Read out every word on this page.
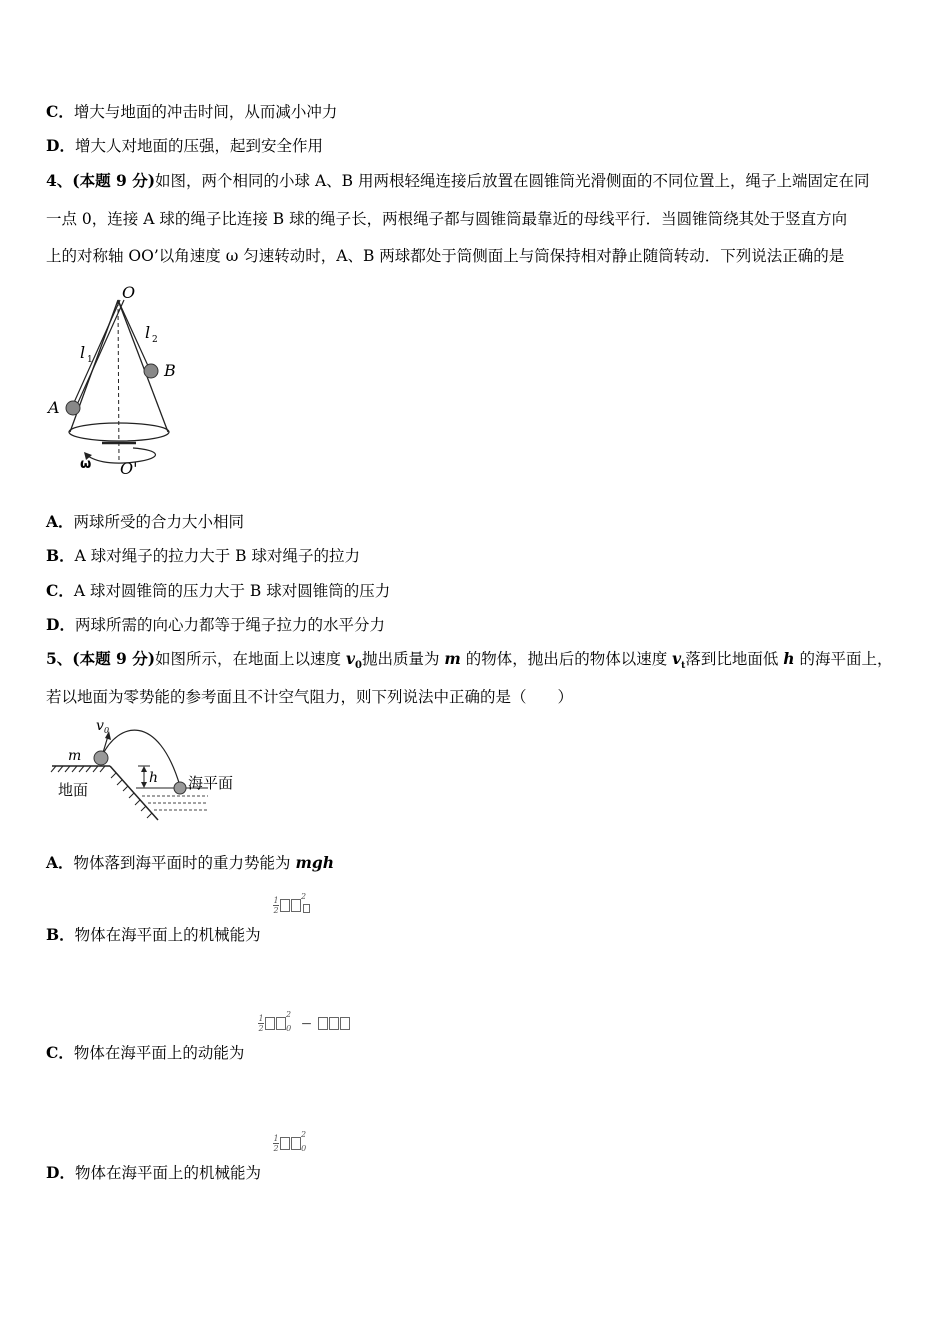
C．增大与地面的冲击时间，从而减小冲力
D．增大人对地面的压强，起到安全作用
4、(本题 9 分)如图，两个相同的小球 A、B 用两根轻绳连接后放置在圆锥筒光滑侧面的不同位置上，绳子上端固定在同
一点 0，连接 A 球的绳子比连接 B 球的绳子长，两根绳子都与圆锥筒最靠近的母线平行．当圆锥筒绕其处于竖直方向
上的对称轴 OO’以角速度 ω 匀速转动时，A、B 两球都处于筒侧面上与筒保持相对静止随筒转动．下列说法正确的是
O
l 1
l 2
A
B
ω O'
A．两球所受的合力大小相同
B．A 球对绳子的拉力大于 B 球对绳子的拉力
C．A 球对圆锥筒的压力大于 B 球对圆锥筒的压力
D．两球所需的向心力都等于绳子拉力的水平分力
5、(本题 9 分)如图所示，在地面上以速度 $v_0$抛出质量为 m 的物体，抛出后的物体以速度 $v_t$落到比地面低 h 的海平面上，
若以地面为零势能的参考面且不计空气阻力，则下列说法中正确的是（　　）
v 0
m
h
地面	海平面
A．物体落到海平面时的重力势能为 mgh
$\frac{1}{2}$	$^2$
B．物体在海平面上的机械能为
$\frac{1}{2}$	$^2$0 −
C．物体在海平面上的动能为
$\frac{1}{2}$	$^2$0
D．物体在海平面上的机械能为
